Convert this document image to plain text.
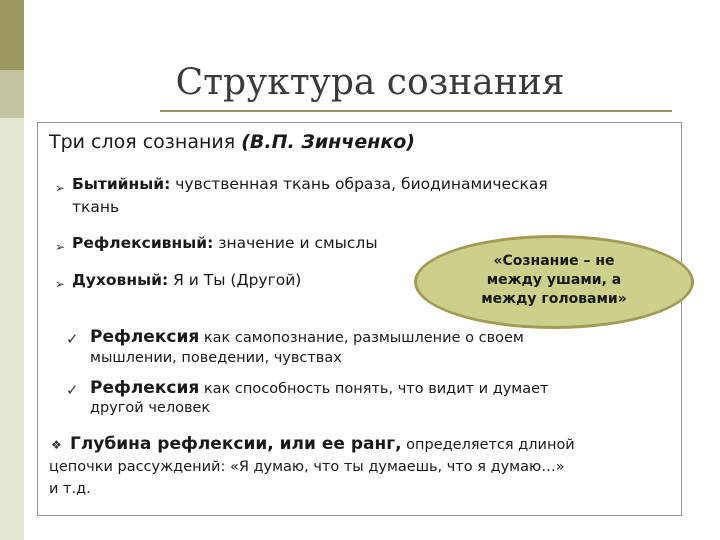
Структура сознания
Три слоя сознания (В.П. Зинченко)
➢ Бытийный: чувственная ткань образа, биодинамическая
ткань
➢ Рефлексивный: значение и смыслы
➢ Духовный: Я и Ты (Другой)
«Сознание – не
между ушами, а
между головами»
✓ Рефлексия как самопознание, размышление о своем
мышлении, поведении, чувствах
✓ Рефлексия как способность понять, что видит и думает
другой человек
❖ Глубина рефлексии, или ее ранг, определяется длиной
цепочки рассуждений: «Я думаю, что ты думаешь, что я думаю…»
и т.д.
